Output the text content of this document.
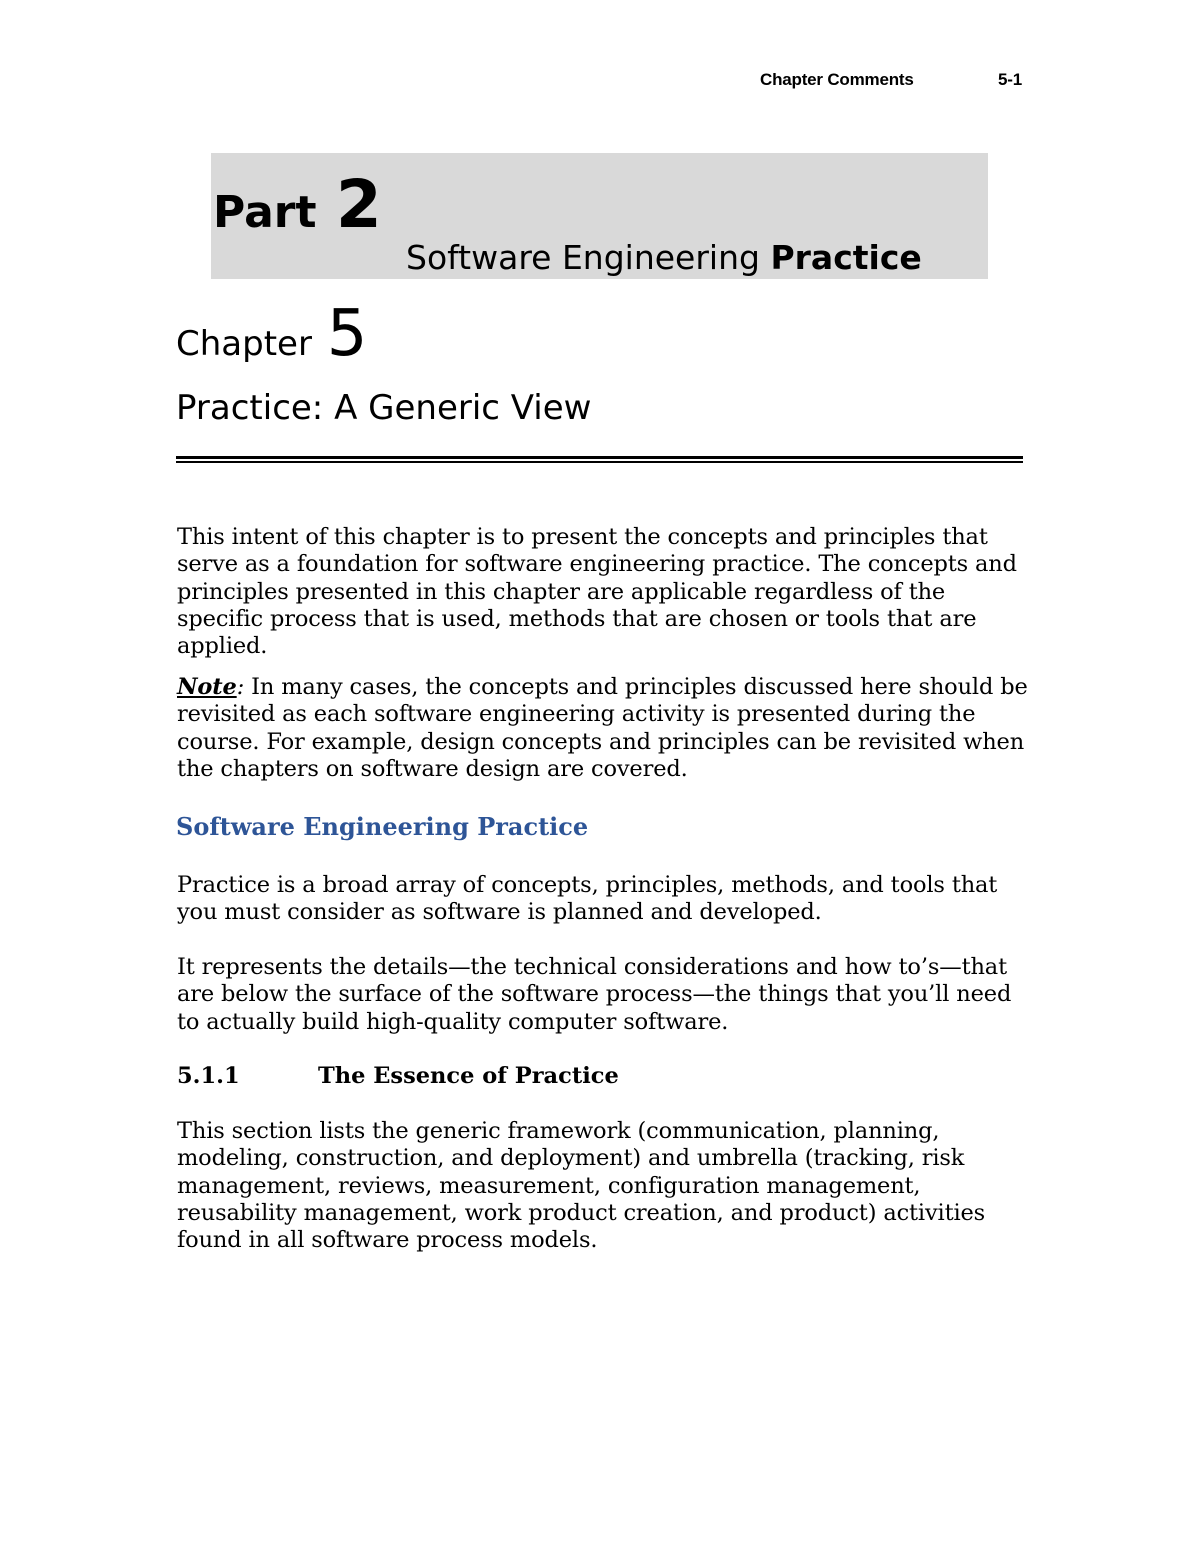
Chapter Comments	5-1
Part 2
Software Engineering Practice
Chapter 5
Practice: A Generic View

This intent of this chapter is to present the concepts and principles that serve as a foundation for software engineering practice. The concepts and principles presented in this chapter are applicable regardless of the specific process that is used, methods that are chosen or tools that are applied.

Note: In many cases, the concepts and principles discussed here should be revisited as each software engineering activity is presented during the course. For example, design concepts and principles can be revisited when the chapters on software design are covered.

Software Engineering Practice

Practice is a broad array of concepts, principles, methods, and tools that you must consider as software is planned and developed.

It represents the details—the technical considerations and how to’s—that are below the surface of the software process—the things that you’ll need to actually build high-quality computer software.

5.1.1	The Essence of Practice

This section lists the generic framework (communication, planning, modeling, construction, and deployment) and umbrella (tracking, risk management, reviews, measurement, configuration management, reusability management, work product creation, and product) activities found in all software process models.
